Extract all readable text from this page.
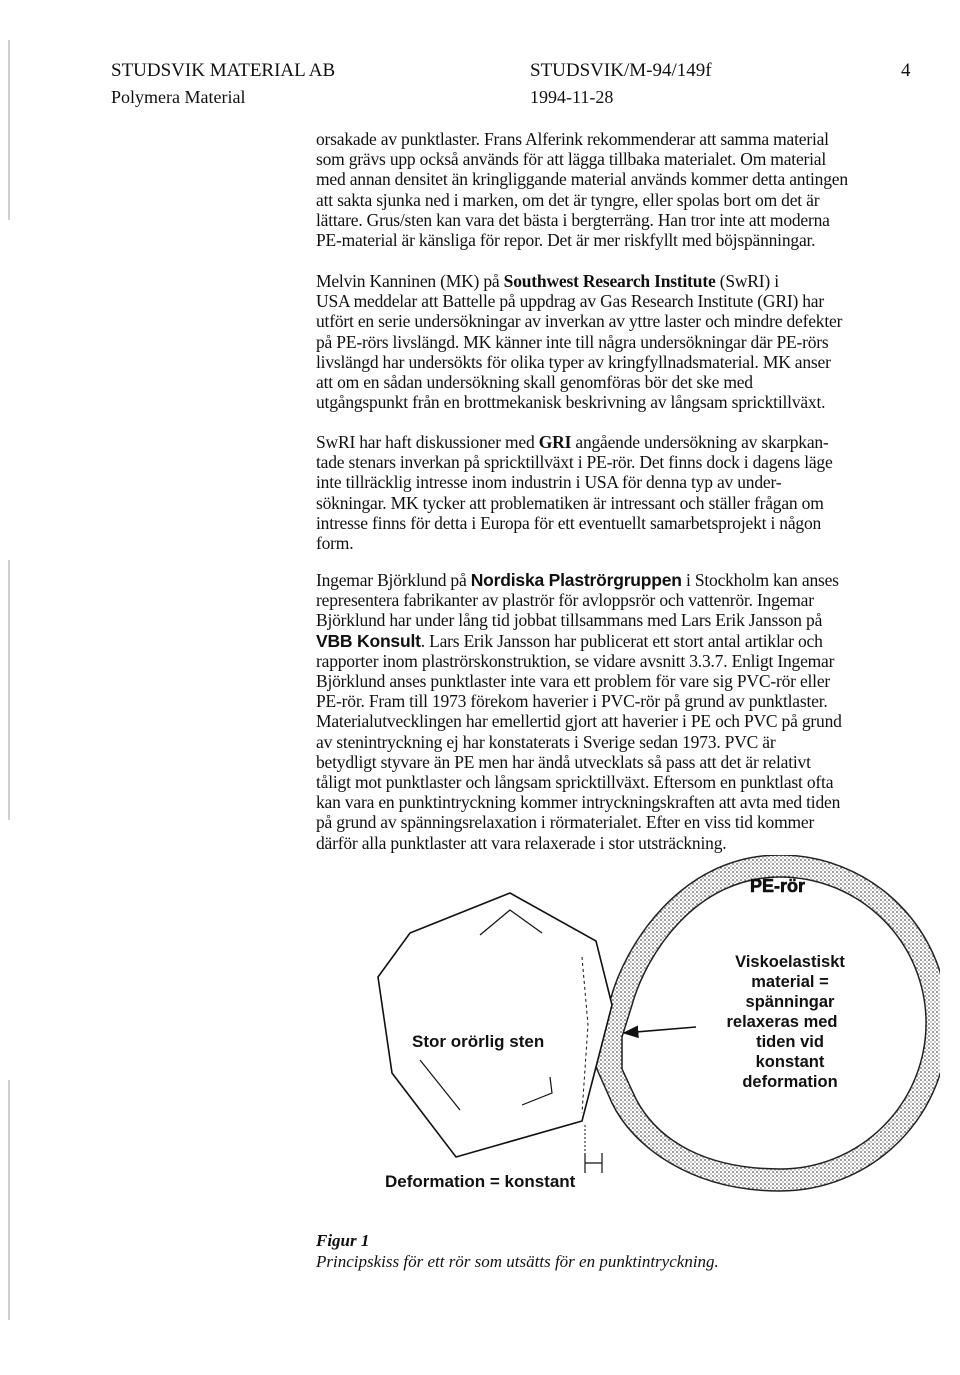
STUDSVIK MATERIAL AB
Polymera Material
STUDSVIK/M-94/149f
1994-11-28
4

orsakade av punktlaster. Frans Alferink rekommenderar att samma material

som grävs upp också används för att lägga tillbaka materialet. Om material

med annan densitet än kringliggande material används kommer detta antingen

att sakta sjunka ned i marken, om det är tyngre, eller spolas bort om det är

lättare. Grus/sten kan vara det bästa i bergterräng. Han tror inte att moderna

PE-material är känsliga för repor. Det är mer riskfyllt med böjspänningar.

Melvin Kanninen (MK) på Southwest Research Institute (SwRI) i

USA meddelar att Battelle på uppdrag av Gas Research Institute (GRI) har

utfört en serie undersökningar av inverkan av yttre laster och mindre defekter

på PE-rörs livslängd. MK känner inte till några undersökningar där PE-rörs

livslängd har undersökts för olika typer av kringfyllnadsmaterial. MK anser

att om en sådan undersökning skall genomföras bör det ske med

utgångspunkt från en brottmekanisk beskrivning av långsam spricktillväxt.

SwRI har haft diskussioner med GRI angående undersökning av skarpkan-

tade stenars inverkan på spricktillväxt i PE-rör. Det finns dock i dagens läge

inte tillräcklig intresse inom industrin i USA för denna typ av under-

sökningar. MK tycker att problematiken är intressant och ställer frågan om

intresse finns för detta i Europa för ett eventuellt samarbetsprojekt i någon

form.

Ingemar Björklund på Nordiska Plaströrgruppen i Stockholm kan anses

representera fabrikanter av plaströr för avloppsrör och vattenrör. Ingemar

Björklund har under lång tid jobbat tillsammans med Lars Erik Jansson på

VBB Konsult. Lars Erik Jansson har publicerat ett stort antal artiklar och

rapporter inom plaströrskonstruktion, se vidare avsnitt 3.3.7. Enligt Ingemar

Björklund anses punktlaster inte vara ett problem för vare sig PVC-rör eller

PE-rör. Fram till 1973 förekom haverier i PVC-rör på grund av punktlaster.

Materialutvecklingen har emellertid gjort att haverier i PE och PVC på grund

av stenintryckning ej har konstaterats i Sverige sedan 1973. PVC är

betydligt styvare än PE men har ändå utvecklats så pass att det är relativt

tåligt mot punktlaster och långsam spricktillväxt. Eftersom en punktlast ofta

kan vara en punktintryckning kommer intryckningskraften att avta med tiden

på grund av spänningsrelaxation i rörmaterialet. Efter en viss tid kommer

därför alla punktlaster att vara relaxerade i stor utsträckning.

PE-rör
Stor orörlig sten
Viskoelastiskt
material =
spänningar
relaxeras med
tiden vid
konstant
deformation
Deformation = konstant
Figur 1
Principskiss för ett rör som utsätts för en punktintryckning.
